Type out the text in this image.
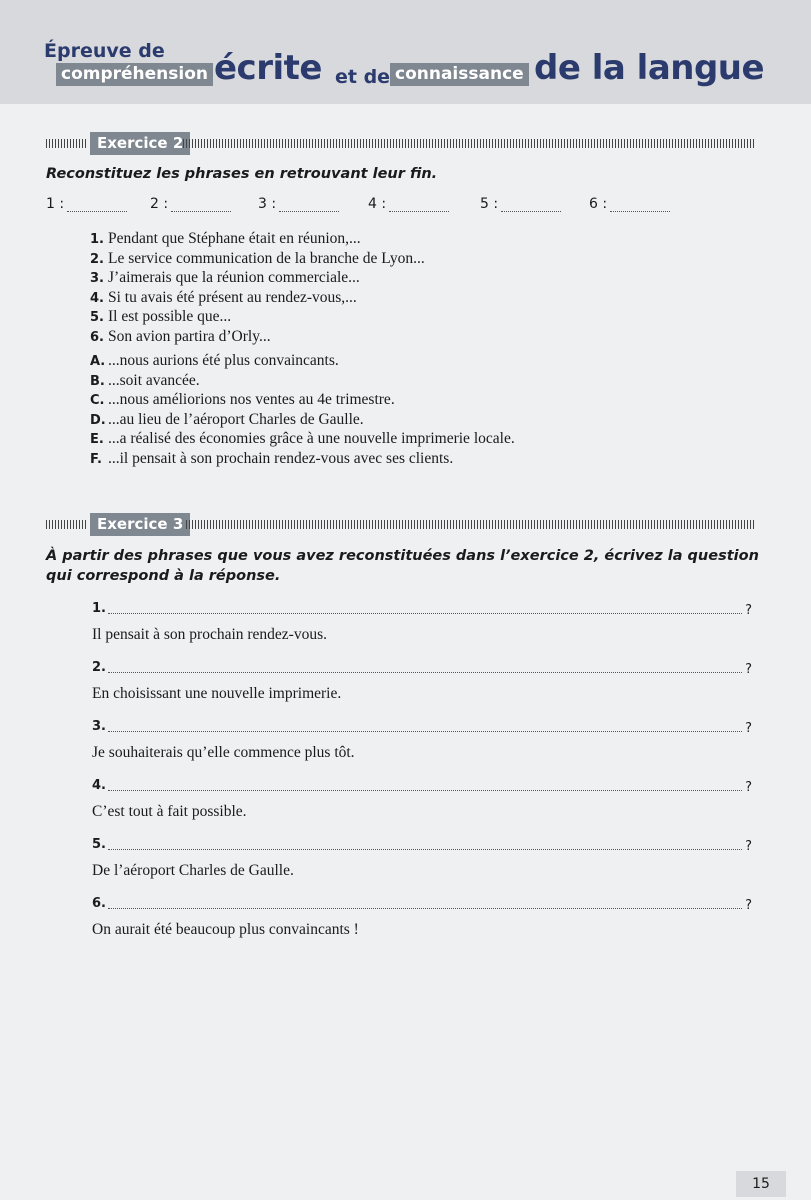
Épreuve de
compréhension écrite et de connaissance de la langue
Exercice 2
Reconstituez les phrases en retrouvant leur fin.
1 :	2 :	3 :	4 :	5 :	6 :
1. Pendant que Stéphane était en réunion,...
2. Le service communication de la branche de Lyon...
3. J’aimerais que la réunion commerciale...
4. Si tu avais été présent au rendez-vous,...
5. Il est possible que...
6. Son avion partira d’Orly...
A. ...nous aurions été plus convaincants.
B. ...soit avancée.
C. ...nous améliorions nos ventes au 4e trimestre.
D. ...au lieu de l’aéroport Charles de Gaulle.
E. ...a réalisé des économies grâce à une nouvelle imprimerie locale.
F. ...il pensait à son prochain rendez-vous avec ses clients.
Exercice 3
À partir des phrases que vous avez reconstituées dans l’exercice 2, écrivez la question
qui correspond à la réponse.
1.	?
Il pensait à son prochain rendez-vous.
2.	?
En choisissant une nouvelle imprimerie.
3.	?
Je souhaiterais qu’elle commence plus tôt.
4.	?
C’est tout à fait possible.
5.	?
De l’aéroport Charles de Gaulle.
6.	?
On aurait été beaucoup plus convaincants !
15
